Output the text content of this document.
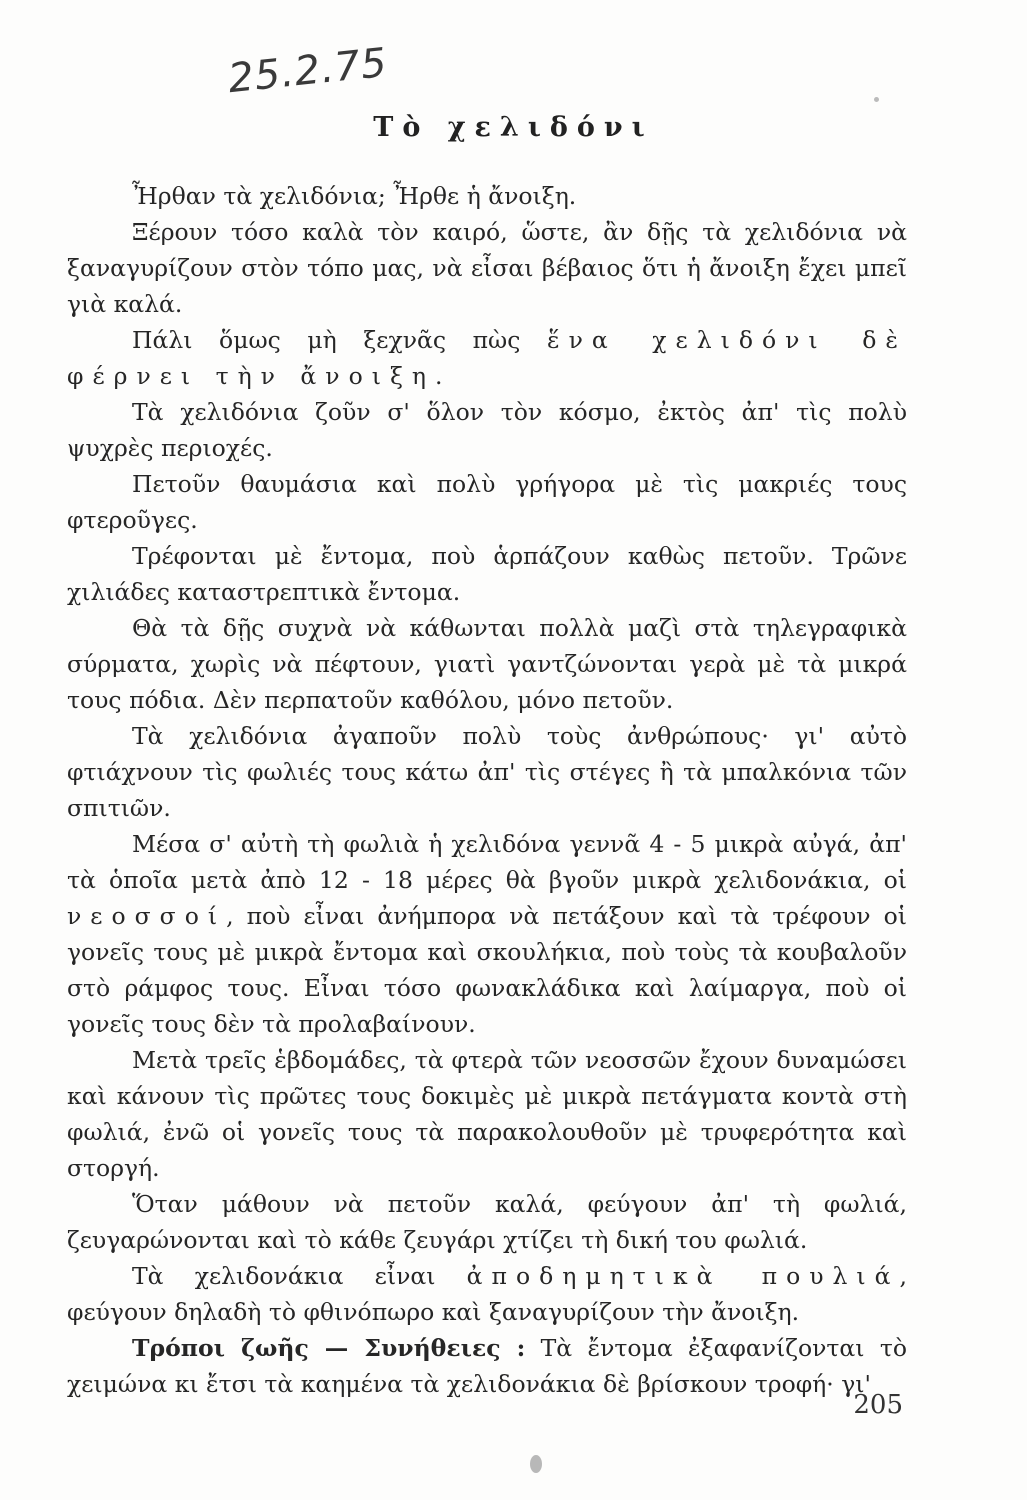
25.2.75
Τὸ χελιδόνι

Ἦρθαν τὰ χελιδόνια; Ἦρθε ἡ ἄνοιξη.

Ξέρουν τόσο καλὰ τὸν καιρό, ὥστε, ἂν δῇς τὰ χελιδόνια νὰ ξαναγυρίζουν στὸν τόπο μας, νὰ εἶσαι βέβαιος ὅτι ἡ ἄνοιξη ἔχει μπεῖ γιὰ καλά.

Πάλι ὅμως μὴ ξεχνᾶς πὼς ἕνα χελιδόνι δὲ φέρνει τὴν ἄνοιξη.

Τὰ χελιδόνια ζοῦν σ' ὅλον τὸν κόσμο, ἐκτὸς ἀπ' τὶς πολὺ ψυχρὲς περιοχές.

Πετοῦν θαυμάσια καὶ πολὺ γρήγορα μὲ τὶς μακριές τους φτεροῦγες.

Τρέφονται μὲ ἔντομα, ποὺ ἁρπάζουν καθὼς πετοῦν. Τρῶνε χιλιάδες καταστρεπτικὰ ἔντομα.

Θὰ τὰ δῇς συχνὰ νὰ κάθωνται πολλὰ μαζὶ στὰ τηλεγραφικὰ σύρματα, χωρὶς νὰ πέφτουν, γιατὶ γαντζώνονται γερὰ μὲ τὰ μικρά τους πόδια. Δὲν περπατοῦν καθόλου, μόνο πετοῦν.

Τὰ χελιδόνια ἀγαποῦν πολὺ τοὺς ἀνθρώπους· γι' αὐτὸ φτιάχνουν τὶς φωλιές τους κάτω ἀπ' τὶς στέγες ἢ τὰ μπαλκόνια τῶν σπιτιῶν.

Μέσα σ' αὐτὴ τὴ φωλιὰ ἡ χελιδόνα γεννᾶ 4 - 5 μικρὰ αὐγά, ἀπ' τὰ ὁποῖα μετὰ ἀπὸ 12 - 18 μέρες θὰ βγοῦν μικρὰ χελιδονάκια, οἱ νεοσσοί, ποὺ εἶναι ἀνήμπορα νὰ πετάξουν καὶ τὰ τρέφουν οἱ γονεῖς τους μὲ μικρὰ ἔντομα καὶ σκουλήκια, ποὺ τοὺς τὰ κουβαλοῦν στὸ ράμφος τους. Εἶναι τόσο φωνακλάδικα καὶ λαίμαργα, ποὺ οἱ γονεῖς τους δὲν τὰ προλαβαίνουν.

Μετὰ τρεῖς ἑβδομάδες, τὰ φτερὰ τῶν νεοσσῶν ἔχουν δυναμώσει καὶ κάνουν τὶς πρῶτες τους δοκιμὲς μὲ μικρὰ πετάγματα κοντὰ στὴ φωλιά, ἐνῶ οἱ γονεῖς τους τὰ παρακολουθοῦν μὲ τρυφερότητα καὶ στοργή.

Ὅταν μάθουν νὰ πετοῦν καλά, φεύγουν ἀπ' τὴ φωλιά, ζευγαρώνονται καὶ τὸ κάθε ζευγάρι χτίζει τὴ δική του φωλιά.

Τὰ χελιδονάκια εἶναι ἀποδημητικὰ πουλιά, φεύγουν δηλαδὴ τὸ φθινόπωρο καὶ ξαναγυρίζουν τὴν ἄνοιξη.

Τρόποι ζωῆς — Συνήθειες : Τὰ ἔντομα ἐξαφανίζονται τὸ χειμώνα κι ἔτσι τὰ καημένα τὰ χελιδονάκια δὲ βρίσκουν τροφή· γι'

205
